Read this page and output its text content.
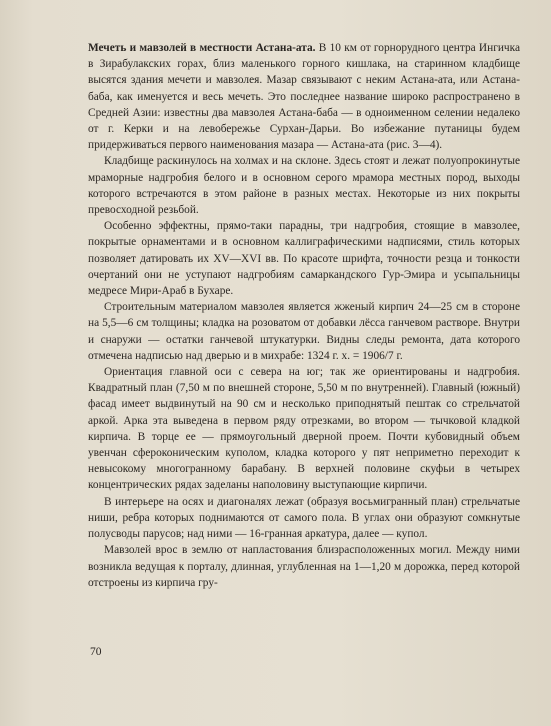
Мечеть и мавзолей в местности Астана-ата. В 10 км от горнорудного центра Ингичка в Зирабулакских горах, близ маленького горного кишлака, на старинном кладбище высятся здания мечети и мавзолея. Мазар связывают с неким Астана-ата, или Астана-баба, как именуется и весь мечеть. Это последнее название широко распространено в Средней Азии: известны два мавзолея Астана-баба — в одноименном селении недалеко от г. Керки и на левобережье Сурхан-Дарьи. Во избежание путаницы будем придерживаться первого наименования мазара — Астана-ата (рис. 3—4).

Кладбище раскинулось на холмах и на склоне. Здесь стоят и лежат полуопрокинутые мраморные надгробия белого и в основном серого мрамора местных пород, выходы которого встречаются в этом районе в разных местах. Некоторые из них покрыты превосходной резьбой.

Особенно эффектны, прямо-таки парадны, три надгробия, стоящие в мавзолее, покрытые орнаментами и в основном каллиграфическими надписями, стиль которых позволяет датировать их XV—XVI вв. По красоте шрифта, точности резца и тонкости очертаний они не уступают надгробиям самаркандского Гур-Эмира и усыпальницы медресе Мири-Араб в Бухаре.

Строительным материалом мавзолея является жженый кирпич 24—25 см в стороне на 5,5—6 см толщины; кладка на розоватом от добавки лёсса ганчевом растворе. Внутри и снаружи — остатки ганчевой штукатурки. Видны следы ремонта, дата которого отмечена надписью над дверью и в михрабе: 1324 г. х. = 1906/7 г.

Ориентация главной оси с севера на юг; так же ориентированы и надгробия. Квадратный план (7,50 м по внешней стороне, 5,50 м по внутренней). Главный (южный) фасад имеет выдвинутый на 90 см и несколько приподнятый пештак со стрельчатой аркой. Арка эта выведена в первом ряду отрезками, во втором — тычковой кладкой кирпича. В торце ее — прямоугольный дверной проем. Почти кубовидный объем увенчан сфероконическим куполом, кладка которого у пят неприметно переходит к невысокому многогранному барабану. В верхней половине скуфьи в четырех концентрических рядах заделаны наполовину выступающие кирпичи.

В интерьере на осях и диагоналях лежат (образуя восьмигранный план) стрельчатые ниши, ребра которых поднимаются от самого пола. В углах они образуют сомкнутые полусводы парусов; над ними — 16-гранная аркатура, далее — купол.

Мавзолей врос в землю от напластования близрасположенных могил. Между ними возникла ведущая к порталу, длинная, углубленная на 1—1,20 м дорожка, перед которой отстроены из кирпича гру-

70
